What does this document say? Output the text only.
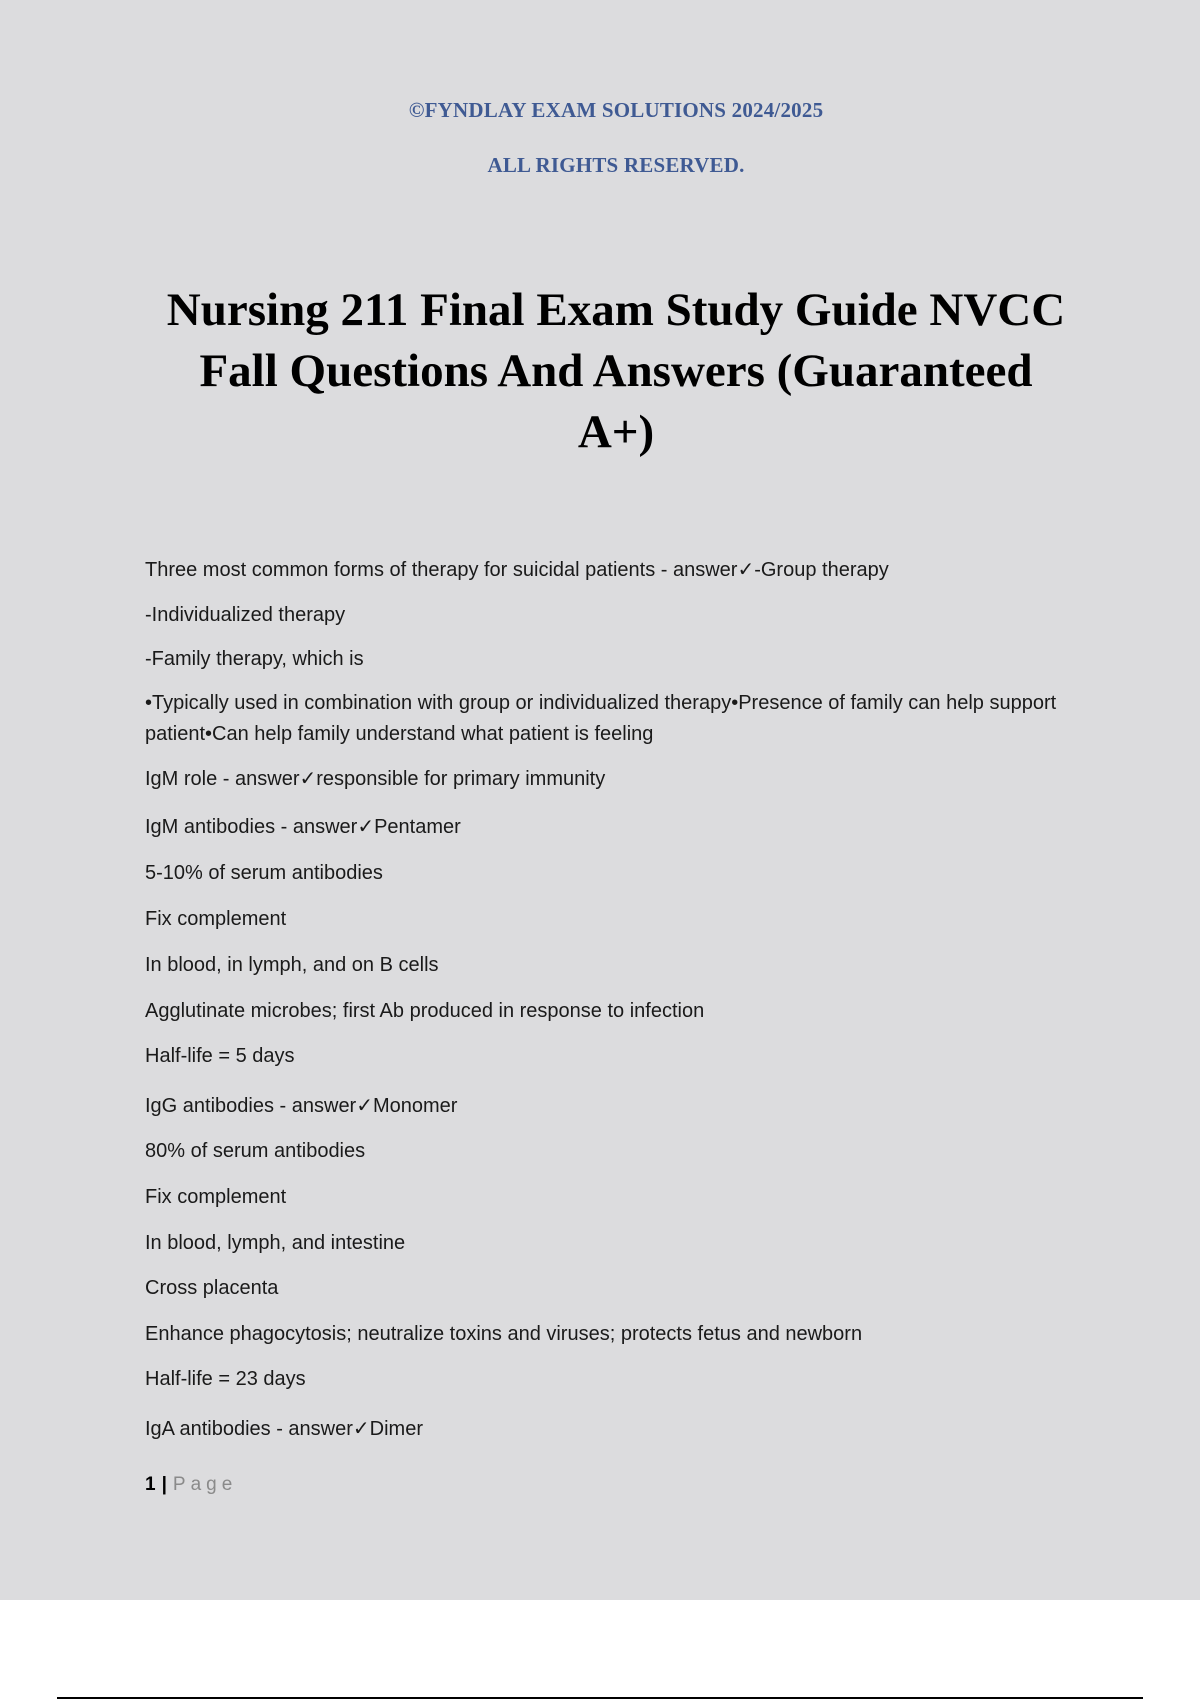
©FYNDLAY EXAM SOLUTIONS 2024/2025
ALL RIGHTS RESERVED.
Nursing 211 Final Exam Study Guide NVCC
Fall Questions And Answers (Guaranteed
A+)

Three most common forms of therapy for suicidal patients - answer✓-Group therapy

-Individualized therapy

-Family therapy, which is

•Typically used in combination with group or individualized therapy•Presence of family can help support patient•Can help family understand what patient is feeling

IgM role - answer✓responsible for primary immunity

IgM antibodies - answer✓Pentamer

5-10% of serum antibodies

Fix complement

In blood, in lymph, and on B cells

Agglutinate microbes; first Ab produced in response to infection

Half-life = 5 days

IgG antibodies - answer✓Monomer

80% of serum antibodies

Fix complement

In blood, lymph, and intestine

Cross placenta

Enhance phagocytosis; neutralize toxins and viruses; protects fetus and newborn

Half-life = 23 days

IgA antibodies - answer✓Dimer

1 | Page
